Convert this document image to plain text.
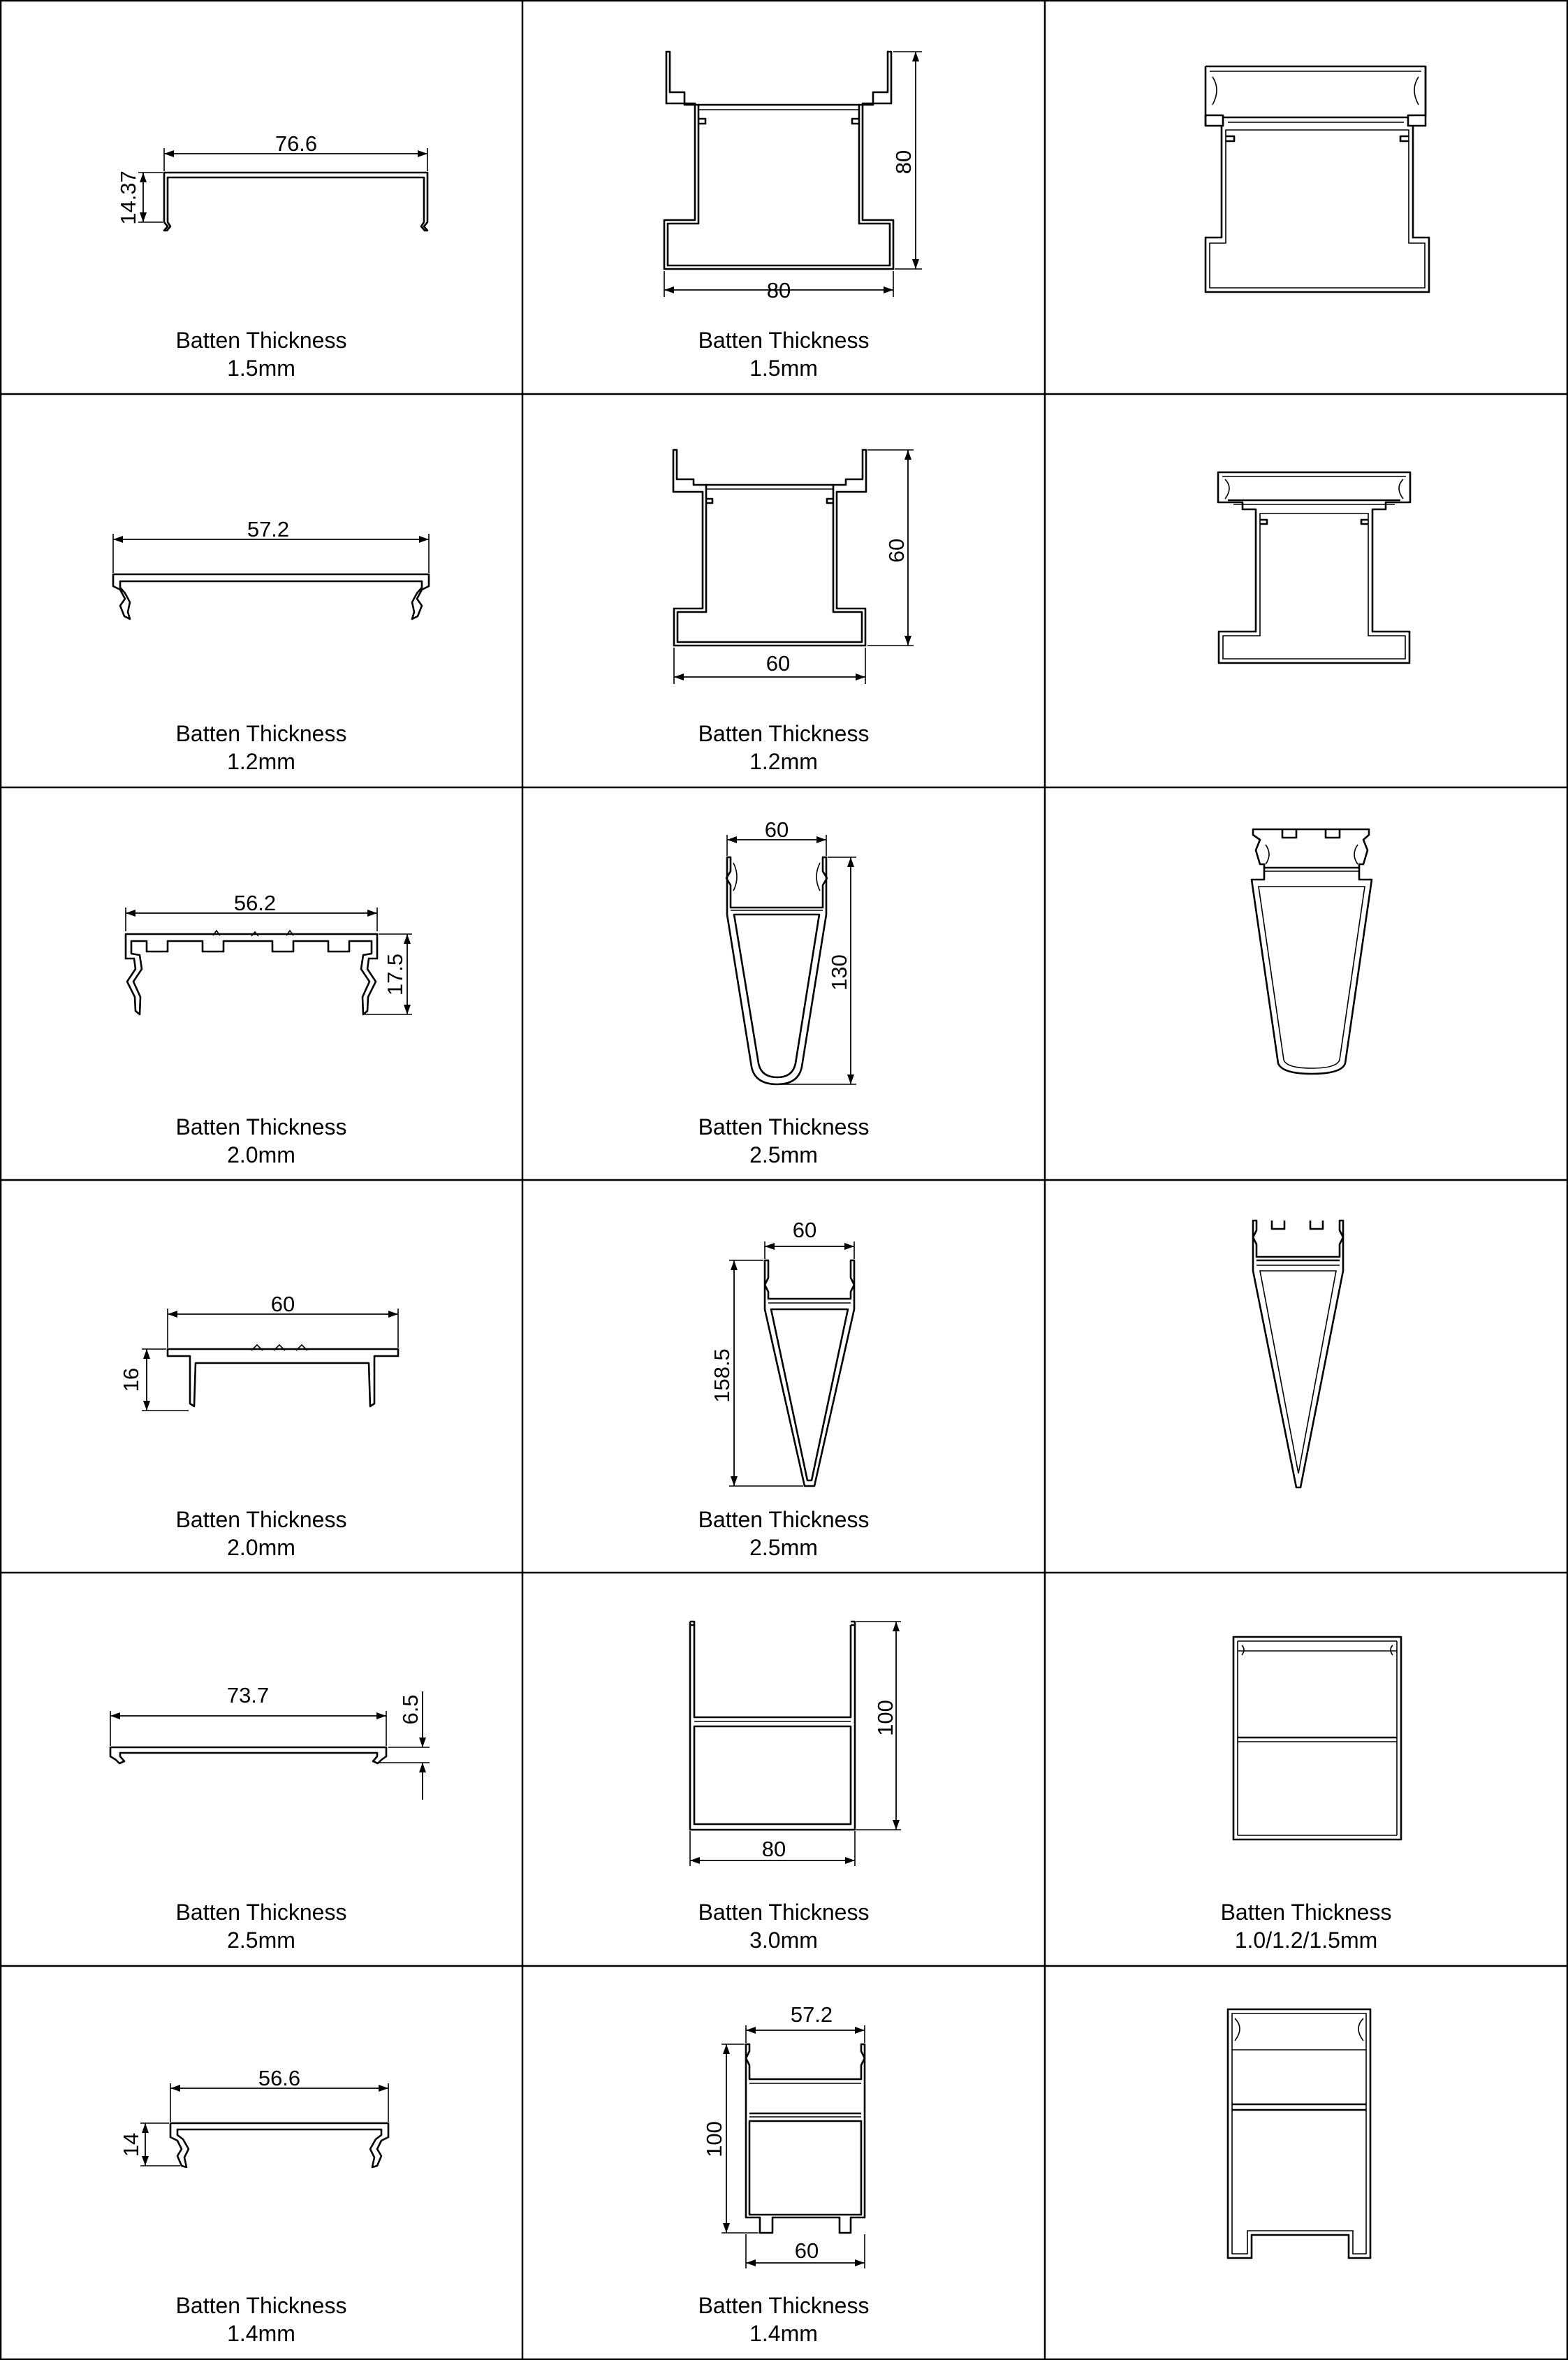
76.6
14.37
Batten Thickness
1.5mm
80
80
Batten Thickness
1.5mm
57.2
Batten Thickness
1.2mm
60
60
Batten Thickness
1.2mm
56.2
17.5
Batten Thickness
2.0mm
60
130
Batten Thickness
2.5mm
60
16
Batten Thickness
2.0mm
60
158.5
Batten Thickness
2.5mm
73.7	6.5
Batten Thickness
2.5mm
80
100
Batten Thickness
3.0mm
Batten Thickness
1.0/1.2/1.5mm
56.6
14
Batten Thickness
1.4mm
57.2
100
60
Batten Thickness
1.4mm
